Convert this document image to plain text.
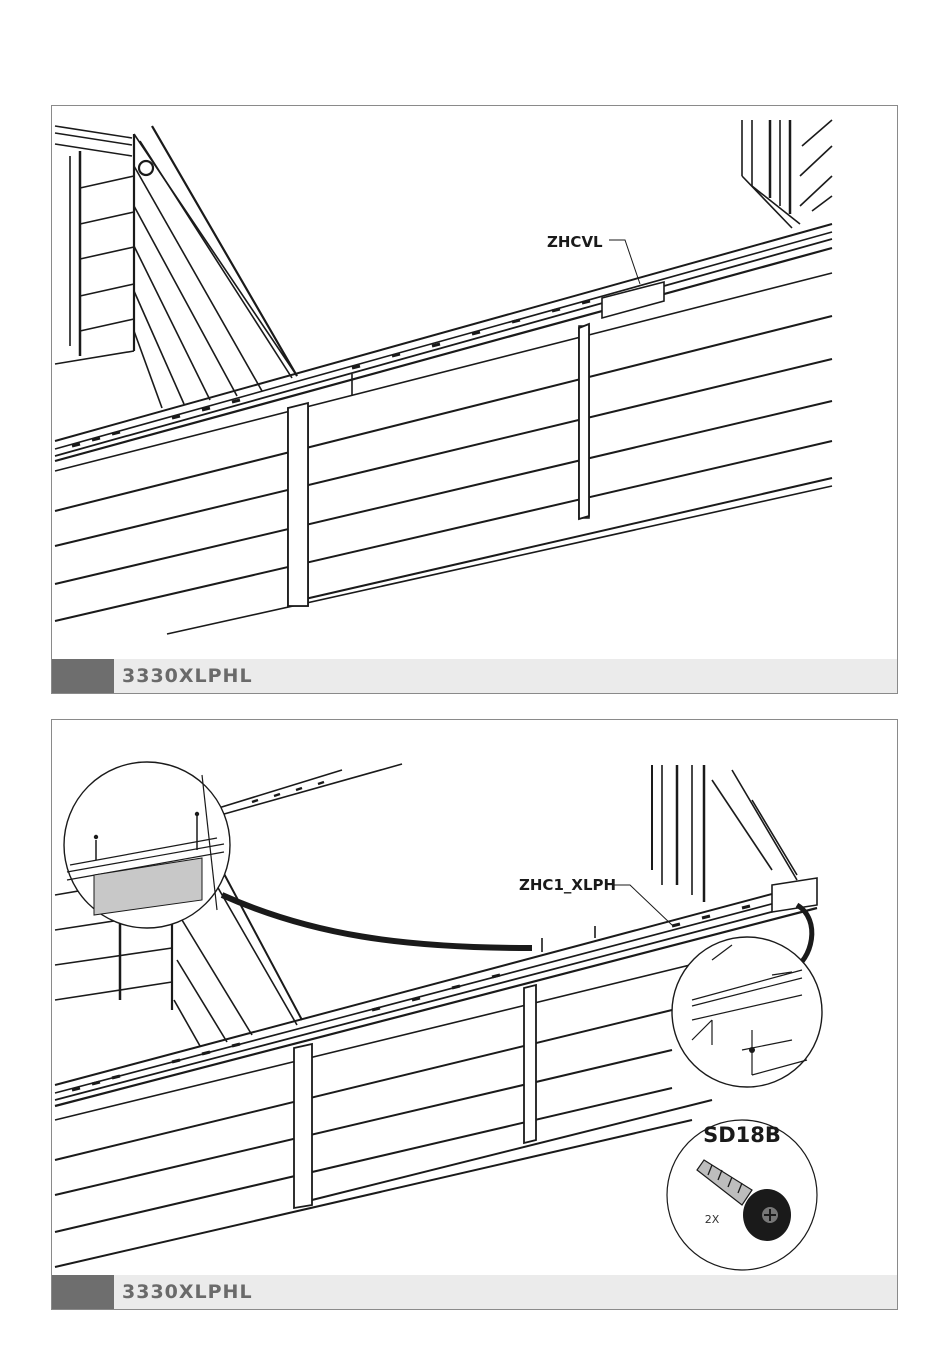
ZHCVL
3330XLPHL
SD18B
2X
ZHC1_XLPH
3330XLPHL
